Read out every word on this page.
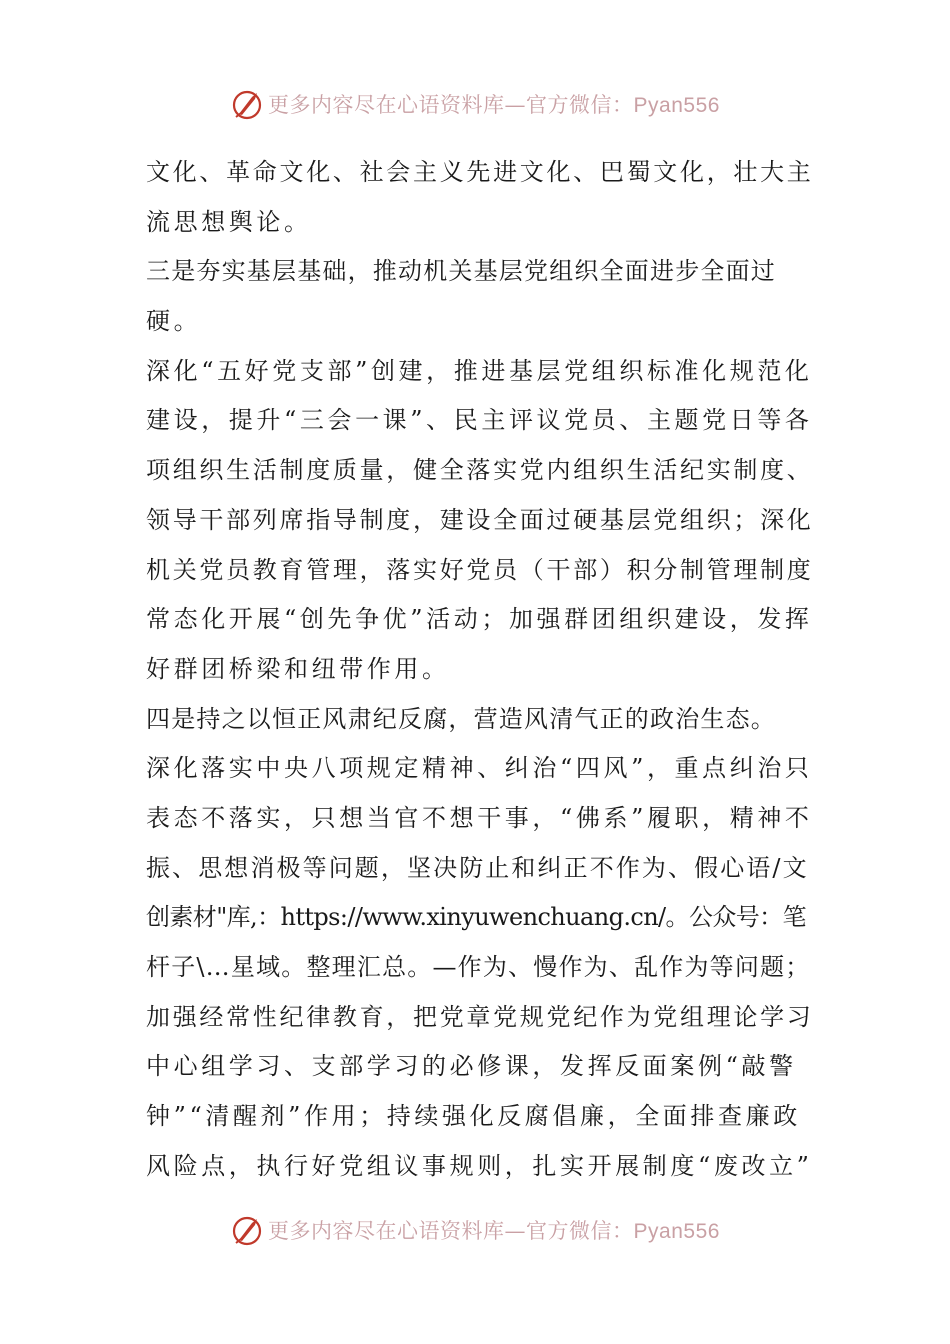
更多内容尽在心语资料库—官方微信：Pyan556
文化、革命文化、社会主义先进文化、巴蜀文化，壮大主
流思想舆论。
三是夯实基层基础，推动机关基层党组织全面进步全面过
硬。
深化“五好党支部”创建，推进基层党组织标准化规范化
建设，提升“三会一课”、民主评议党员、主题党日等各
项组织生活制度质量，健全落实党内组织生活纪实制度、
领导干部列席指导制度，建设全面过硬基层党组织；深化
机关党员教育管理，落实好党员（干部）积分制管理制度
常态化开展“创先争优”活动；加强群团组织建设，发挥
好群团桥梁和纽带作用。
四是持之以恒正风肃纪反腐，营造风清气正的政治生态。
深化落实中央八项规定精神、纠治“四风”，重点纠治只
表态不落实，只想当官不想干事，“佛系”履职，精神不
振、思想消极等问题，坚决防止和纠正不作为、假心语/文
创素材"库,：https://www.xinyuwenchuang.cn/。公众号：笔
杆子\…星域。整理汇总。—作为、慢作为、乱作为等问题；
加强经常性纪律教育，把党章党规党纪作为党组理论学习
中心组学习、支部学习的必修课，发挥反面案例“敲警
钟”“清醒剂”作用；持续强化反腐倡廉，全面排查廉政
风险点，执行好党组议事规则，扎实开展制度“废改立”
更多内容尽在心语资料库—官方微信：Pyan556
